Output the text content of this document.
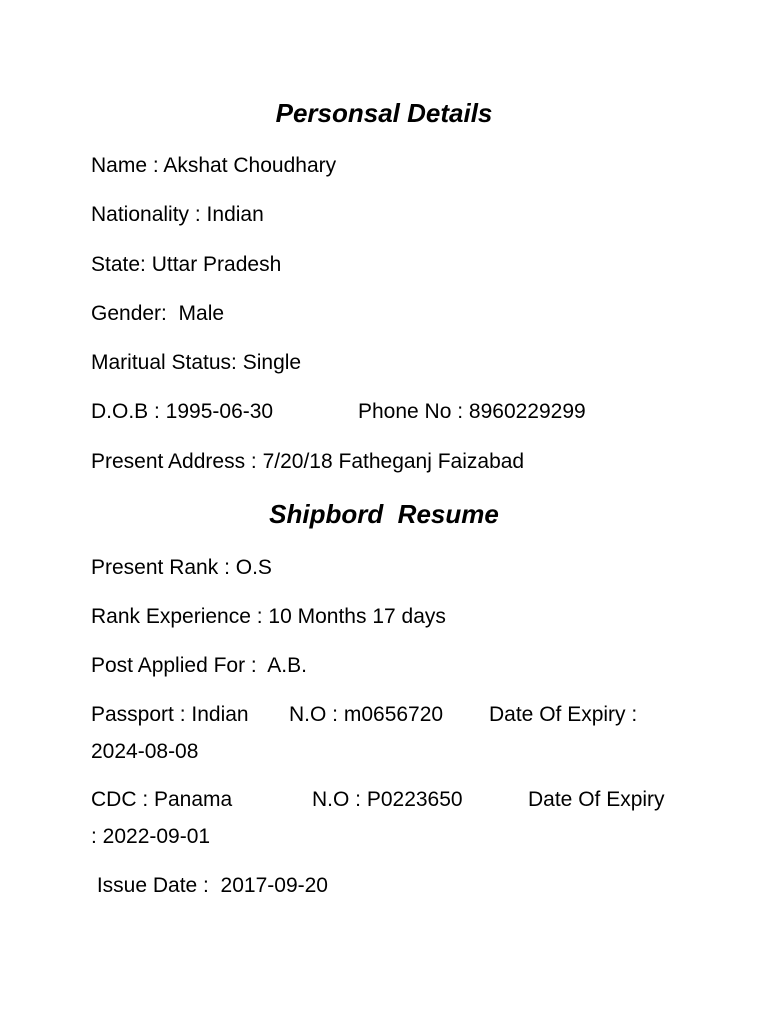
Personsal Details
Name : Akshat Choudhary
Nationality : Indian
State: Uttar Pradesh
Gender:  Male
Maritual Status: Single
D.O.B : 1995-06-30	Phone No : 8960229299
Present Address : 7/20/18 Fatheganj Faizabad
Shipbord  Resume
Present Rank : O.S
Rank Experience : 10 Months 17 days
Post Applied For :  A.B.
Passport : Indian N.O : m0656720 Date Of Expiry :
2024-08-08
CDC : Panama	N.O : P0223650	Date Of Expiry
: 2022-09-01
Issue Date :  2017-09-20
